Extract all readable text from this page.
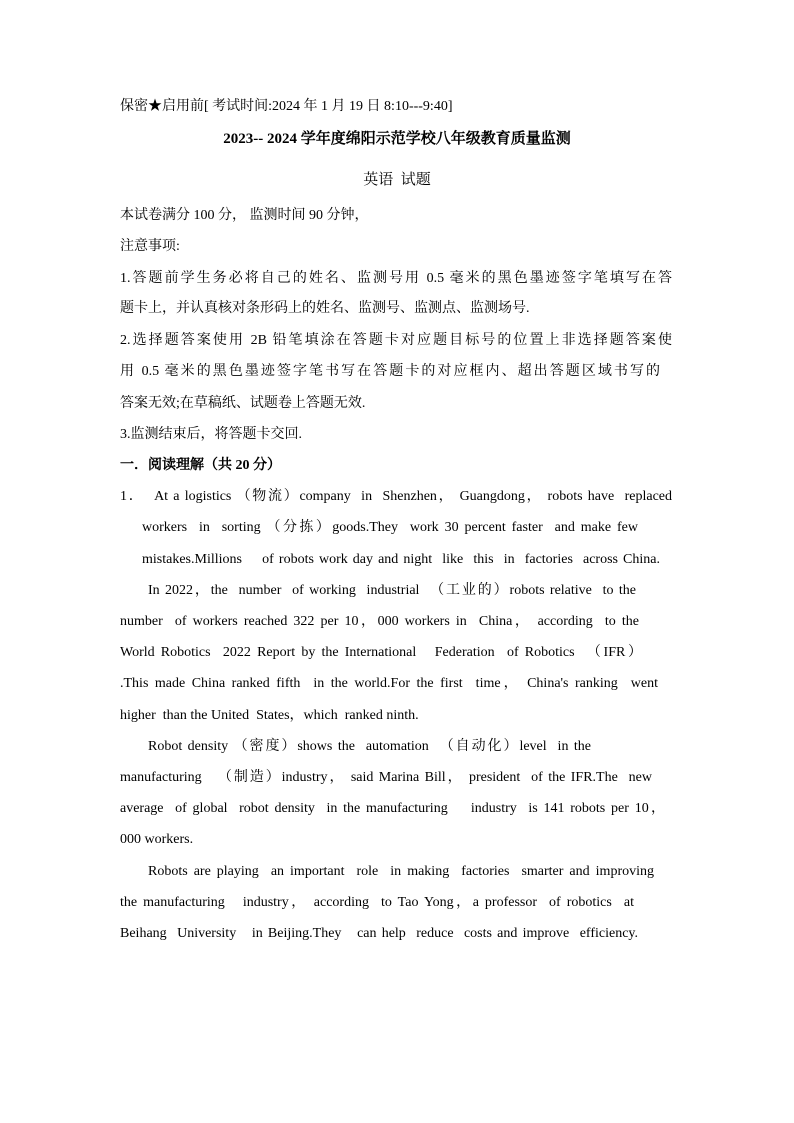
保密★启用前[ 考试时间:2024 年 1 月 19 日 8:10---9:40]
2023-- 2024 学年度绵阳示范学校八年级教育质量监测
英语  试题
本试卷满分 100 分， 监测时间 90 分钟，
注意事项:
1.答题前学生务必将自己的姓名、监测号用 0.5 毫米的黑色墨迹签字笔填写在答
题卡上，并认真核对条形码上的姓名、监测号、监测点、监测场号.
2.选择题答案使用 2B 铅笔填涂在答题卡对应题目标号的位置上非选择题答案使
用 0.5 毫米的黑色墨迹签字笔书写在答题卡的对应框内、超出答题区域书写的
答案无效;在草稿纸、试题卷上答题无效.
3.监测结束后，将答题卡交回.
一．阅读理解（共 20 分）
1．  At a logistics （物流）company  in  Shenzhen， Guangdong， robots have  replaced
workers  in  sorting （分拣）goods.They  work 30 percent faster  and make few
mistakes.Millions    of robots work day and night  like  this  in  factories  across China.
In 2022，the  number  of working  industrial  （工业的）robots relative  to the
number  of workers reached 322 per 10，000 workers in  China， according  to the
World Robotics  2022 Report by the International   Federation  of Robotics  （IFR）
.This made China ranked fifth  in the world.For the first  time， China's ranking  went
higher  than the United  States，which  ranked ninth.
Robot density （密度）shows the  automation  （自动化）level  in the
manufacturing   （制造）industry， said Marina Bill， president  of the IFR.The  new
average  of global  robot density  in the manufacturing    industry  is 141 robots per 10，
000 workers.
Robots are playing  an important  role  in making  factories  smarter and improving
the manufacturing   industry， according  to Tao Yong，a professor  of robotics  at
Beihang  University   in Beijing.They   can help  reduce  costs and improve  efficiency.
